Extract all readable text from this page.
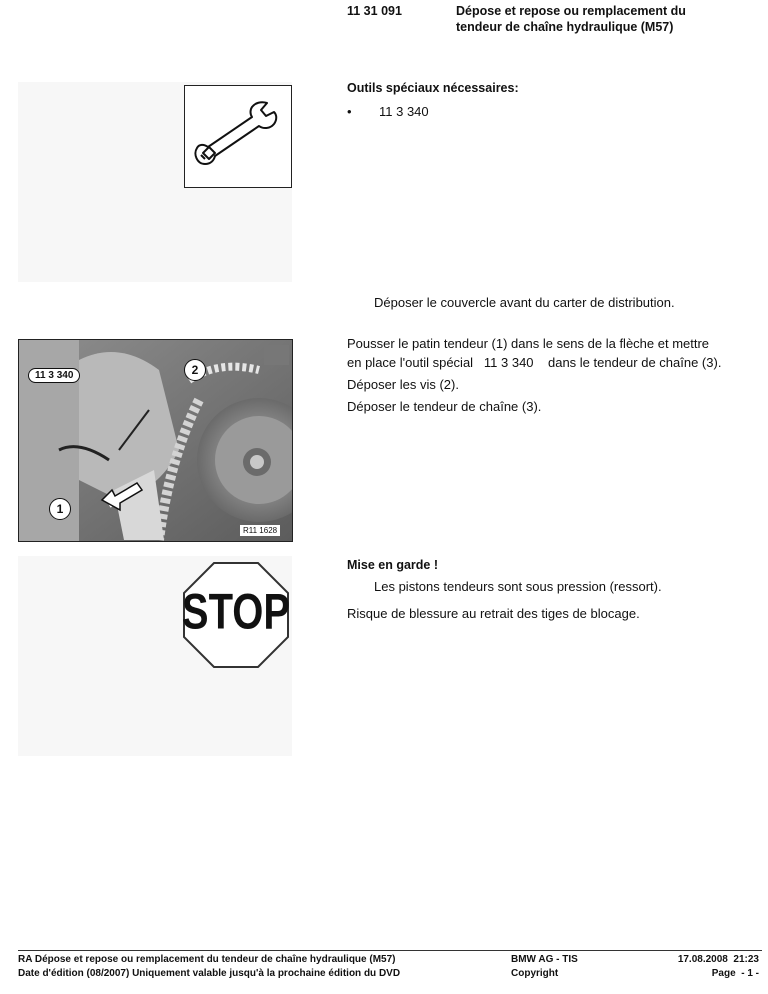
11 31 091	Dépose et repose ou remplacement du
tendeur de chaîne hydraulique (M57)
Outils spéciaux nécessaires:
• 11 3 340
Déposer le couvercle avant du carter de distribution.
11 3 340	2
1
R11 1628
Pousser le patin tendeur (1) dans le sens de la flèche et mettre
en place l'outil spécial   11 3 340    dans le tendeur de chaîne (3).
Déposer les vis (2).
Déposer le tendeur de chaîne (3).
STOP
Mise en garde !
Les pistons tendeurs sont sous pression (ressort).
Risque de blessure au retrait des tiges de blocage.
RA Dépose et repose ou remplacement du tendeur de chaîne hydraulique (M57)
Date d'édition (08/2007) Uniquement valable jusqu'à la prochaine édition du DVD
BMW AG - TIS
Copyright
17.08.2008  21:23
Page  - 1 -
